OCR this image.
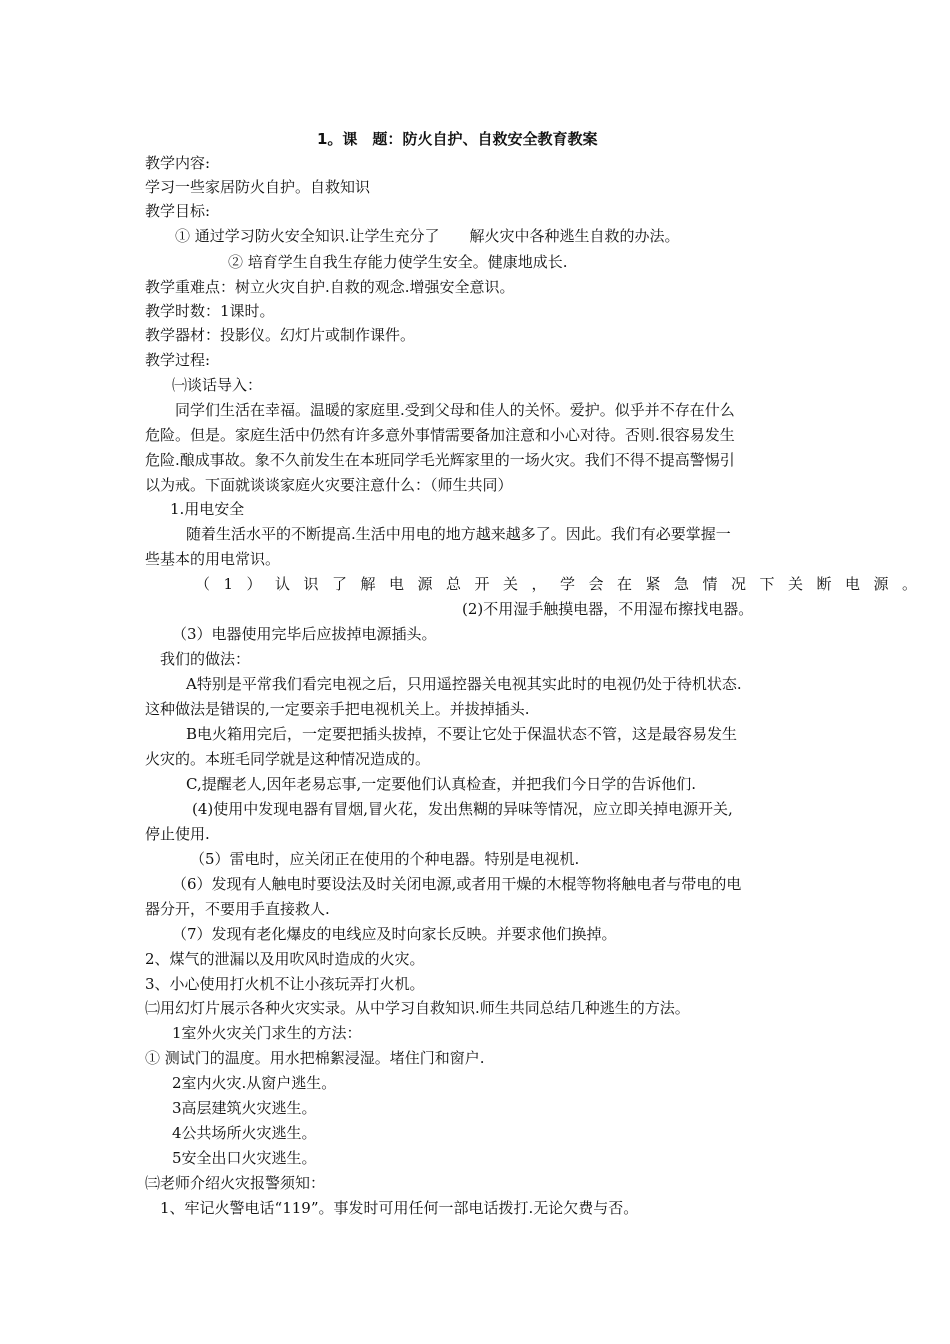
1。课　题：防火自护、自救安全教育教案
教学内容:
学习一些家居防火自护。自救知识
教学目标:
① 通过学习防火安全知识.让学生充分了　　解火灾中各种逃生自救的办法。
② 培育学生自我生存能力使学生安全。健康地成长.
教学重难点：树立火灾自护.自救的观念.增强安全意识。
教学时数：1课时。
教学器材：投影仪。幻灯片或制作课件。
教学过程:
㈠谈话导入：
同学们生活在幸福。温暖的家庭里.受到父母和佳人的关怀。爱护。似乎并不存在什么
危险。但是。家庭生活中仍然有许多意外事情需要备加注意和小心对待。否则.很容易发生
危险.酿成事故。象不久前发生在本班同学毛光辉家里的一场火灾。我们不得不提高警惕引
以为戒。下面就谈谈家庭火灾要注意什么：（师生共同）
1.用电安全
随着生活水平的不断提高.生活中用电的地方越来越多了。因此。我们有必要掌握一
些基本的用电常识。
（1）认识了解电源总开关，学会在紧急情况下关断电源。
(2)不用湿手触摸电器，不用湿布擦找电器。
（3）电器使用完毕后应拔掉电源插头。
我们的做法：
A特别是平常我们看完电视之后，只用遥控器关电视其实此时的电视仍处于待机状态.
这种做法是错误的,一定要亲手把电视机关上。并拔掉插头.
B电火箱用完后，一定要把插头拔掉，不要让它处于保温状态不管，这是最容易发生
火灾的。本班毛同学就是这种情况造成的。
C,提醒老人,因年老易忘事,一定要他们认真检查，并把我们今日学的告诉他们.
(4)使用中发现电器有冒烟,冒火花，发出焦糊的异味等情况，应立即关掉电源开关,
停止使用.
（5）雷电时，应关闭正在使用的个种电器。特别是电视机.
（6）发现有人触电时要设法及时关闭电源,或者用干燥的木棍等物将触电者与带电的电
器分开，不要用手直接救人.
（7）发现有老化爆皮的电线应及时向家长反映。并要求他们换掉。
2、煤气的泄漏以及用吹风时造成的火灾。
3、小心使用打火机不让小孩玩弄打火机。
㈡用幻灯片展示各种火灾实录。从中学习自救知识.师生共同总结几种逃生的方法。
1室外火灾关门求生的方法：
① 测试门的温度。用水把棉絮浸湿。堵住门和窗户.
2室内火灾.从窗户逃生。
3高层建筑火灾逃生。
4公共场所火灾逃生。
5安全出口火灾逃生。
㈢老师介绍火灾报警须知：
1、牢记火警电话“119”。事发时可用任何一部电话拨打.无论欠费与否。
